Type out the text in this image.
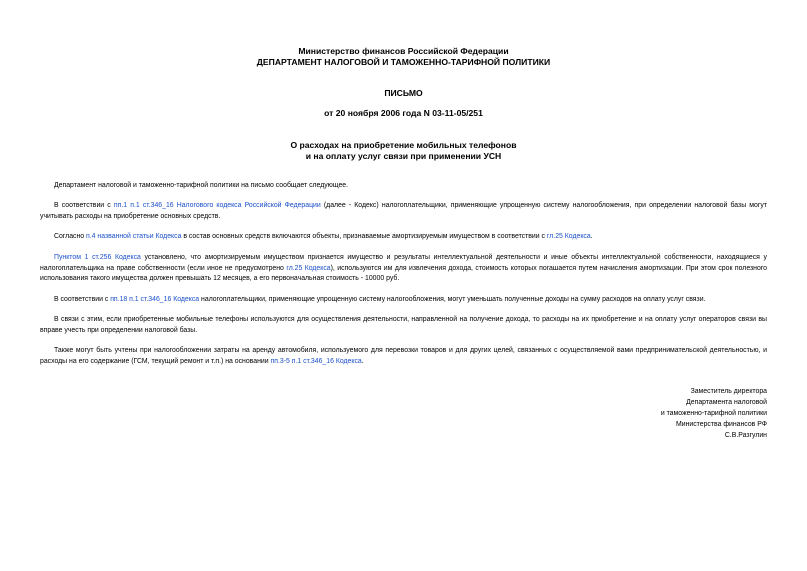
Министерство финансов Российской Федерации
ДЕПАРТАМЕНТ НАЛОГОВОЙ И ТАМОЖЕННО-ТАРИФНОЙ ПОЛИТИКИ
ПИСЬМО
от 20 ноября 2006 года N 03-11-05/251
О расходах на приобретение мобильных телефонов
и на оплату услуг связи при применении УСН
Департамент налоговой и таможенно-тарифной политики на письмо сообщает следующее.
В соответствии с пп.1 п.1 ст.346_16 Налогового кодекса Российской Федерации (далее - Кодекс) налогоплательщики, применяющие упрощенную систему налогообложения, при определении налоговой базы могут учитывать расходы на приобретение основных средств.
Согласно п.4 названной статьи Кодекса в состав основных средств включаются объекты, признаваемые амортизируемым имуществом в соответствии с гл.25 Кодекса.
Пунктом 1 ст.256 Кодекса установлено, что амортизируемым имуществом признается имущество и результаты интеллектуальной деятельности и иные объекты интеллектуальной собственности, находящиеся у налогоплательщика на праве собственности (если иное не предусмотрено гл.25 Кодекса), используются им для извлечения дохода, стоимость которых погашается путем начисления амортизации. При этом срок полезного использования такого имущества должен превышать 12 месяцев, а его первоначальная стоимость - 10000 руб.
В соответствии с пп.18 п.1 ст.346_16 Кодекса налогоплательщики, применяющие упрощенную систему налогообложения, могут уменьшать полученные доходы на сумму расходов на оплату услуг связи.
В связи с этим, если приобретенные мобильные телефоны используются для осуществления деятельности, направленной на получение дохода, то расходы на их приобретение и на оплату услуг операторов связи вы вправе учесть при определении налоговой базы.
Также могут быть учтены при налогообложении затраты на аренду автомобиля, используемого для перевозки товаров и для других целей, связанных с осуществляемой вами предпринимательской деятельностью, и расходы на его содержание (ГСМ, текущий ремонт и т.п.) на основании пп.3-5 п.1 ст.346_16 Кодекса.
Заместитель директора
Департамента налоговой
и таможенно-тарифной политики
Министерства финансов РФ
С.В.Разгулин
